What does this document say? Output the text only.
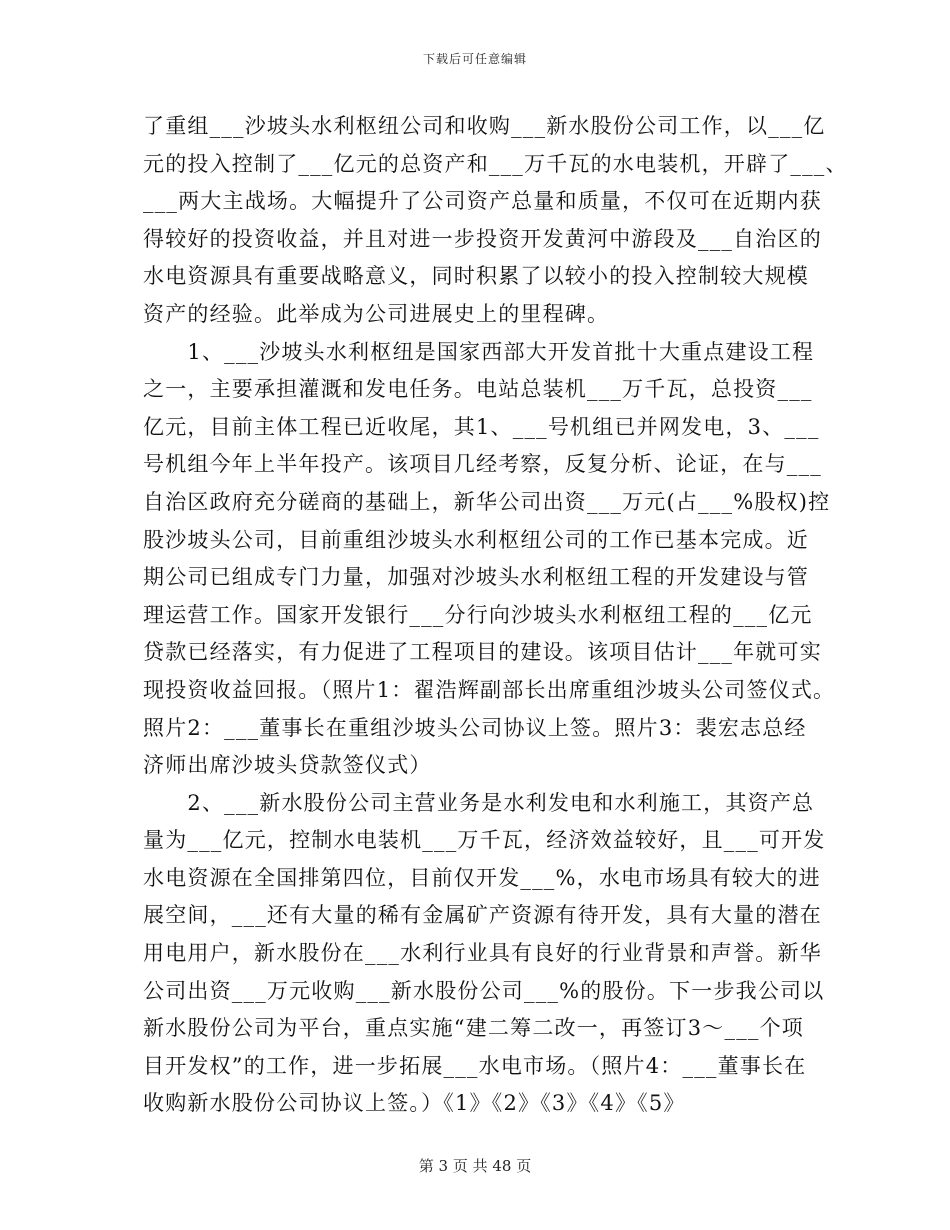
下载后可任意编辑
了重组___沙坡头水利枢纽公司和收购___新水股份公司工作，以___亿
元的投入控制了___亿元的总资产和___万千瓦的水电装机，开辟了___、
___两大主战场。大幅提升了公司资产总量和质量，不仅可在近期内获
得较好的投资收益，并且对进一步投资开发黄河中游段及___自治区的
水电资源具有重要战略意义，同时积累了以较小的投入控制较大规模
资产的经验。此举成为公司进展史上的里程碑。
　　1、___沙坡头水利枢纽是国家西部大开发首批十大重点建设工程
之一，主要承担灌溉和发电任务。电站总装机___万千瓦，总投资___
亿元，目前主体工程已近收尾，其1、___号机组已并网发电，3、___
号机组今年上半年投产。该项目几经考察，反复分析、论证，在与___
自治区政府充分磋商的基础上，新华公司出资___万元(占___%股权)控
股沙坡头公司，目前重组沙坡头水利枢纽公司的工作已基本完成。近
期公司已组成专门力量，加强对沙坡头水利枢纽工程的开发建设与管
理运营工作。国家开发银行___分行向沙坡头水利枢纽工程的___亿元
贷款已经落实，有力促进了工程项目的建设。该项目估计___年就可实
现投资收益回报。（照片1：翟浩辉副部长出席重组沙坡头公司签仪式。
照片2：___董事长在重组沙坡头公司协议上签。照片3：裴宏志总经
济师出席沙坡头贷款签仪式）
　　2、___新水股份公司主营业务是水利发电和水利施工，其资产总
量为___亿元，控制水电装机___万千瓦，经济效益较好，且___可开发
水电资源在全国排第四位，目前仅开发___%，水电市场具有较大的进
展空间，___还有大量的稀有金属矿产资源有待开发，具有大量的潜在
用电用户，新水股份在___水利行业具有良好的行业背景和声誉。新华
公司出资___万元收购___新水股份公司___%的股份。下一步我公司以
新水股份公司为平台，重点实施“建二筹二改一，再签订3～___个项
目开发权”的工作，进一步拓展___水电市场。（照片4：___董事长在
收购新水股份公司协议上签。）《1》《2》《3》《4》《5》
第 3 页 共 48 页
